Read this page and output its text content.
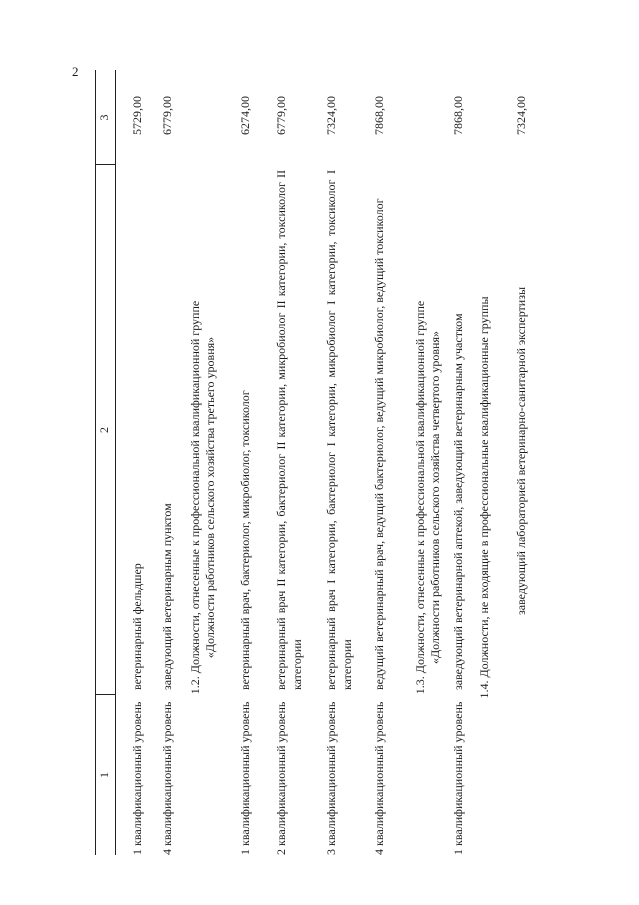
2
1
2
3
1 квалификационный уровень
ветеринарный фельдшер
5729,00
4 квалификационный уровень
заведующий ветеринарным пунктом
6779,00
1.2. Должности, отнесенные к профессиональной квалификационной группе «Должности работников сельского хозяйства третьего уровня»
1 квалификационный уровень
ветеринарный врач, бактериолог, микробиолог, токсиколог
6274,00
2 квалификационный уровень
ветеринарный врач II категории, бактериолог II категории, микробиолог II категории, токсиколог II категории
6779,00
3 квалификационный уровень
ветеринарный врач I категории, бактериолог I категории, микробиолог I категории, токсиколог I категории
7324,00
4 квалификационный уровень
ведущий ветеринарный врач, ведущий бактериолог, ведущий микробиолог, ведущий токсиколог
7868,00
1.3. Должности, отнесенные к профессиональной квалификационной группе «Должности работников сельского хозяйства четвертого уровня»
1 квалификационный уровень
заведующий ветеринарной аптекой, заведующий ветеринарным участком
7868,00
1.4. Должности, не входящие в профессиональные квалификационные группы заведующий лабораторией ветеринарно-санитарной экспертизы
7324,00
